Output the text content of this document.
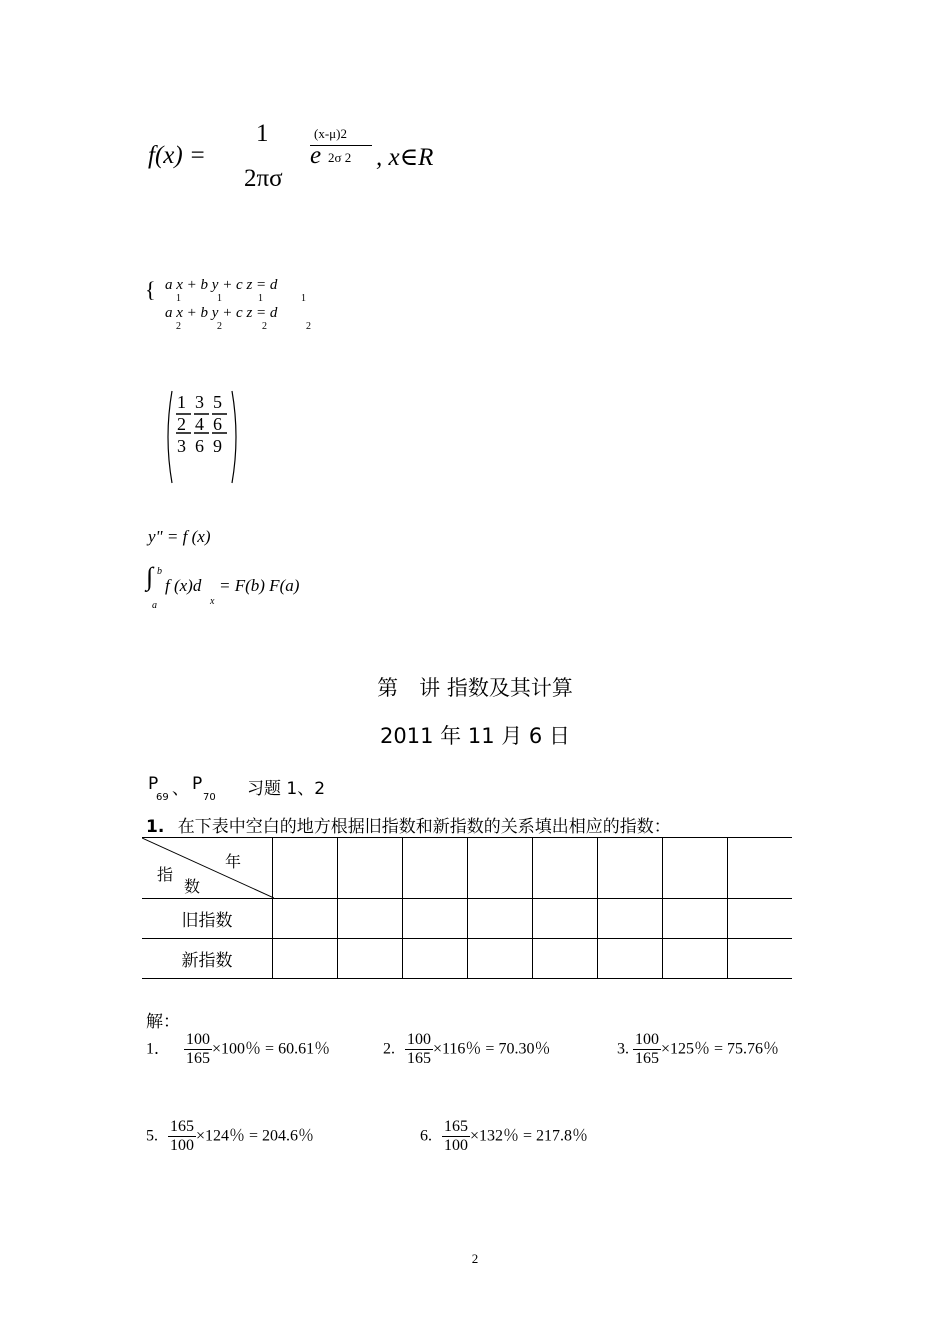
f(x) =
1
2πσ
e
(x-μ)2
2σ 2 , x∈R
{ a x + b y + c z = d
1	1	1	1
a x + b y + c z = d
2	2	2	2
1 3 5
2 4 6
3 6 9
y" = f (x)
∫ b
a
f (x)d
x
= F(b) F(a)
第　讲 指数及其计算
2011 年 11 月 6 日
P
69 、 P
70 习题 1、2
1. 在下表中空白的地方根据旧指数和新指数的关系填出相应的指数：
年
指
数								

旧指数								
新指数								
解：
1． $\frac{100}{165} \times 100$％ = 60.61％	2. $\frac{100}{165} \times 116$％ = 70.30％	3. $\frac{100}{165} \times 125$％ = 75.76％
5. $\frac{165}{100} \times 124$％ = 204.6％	6. $\frac{165}{100} \times 132$％ = 217.8％
2
